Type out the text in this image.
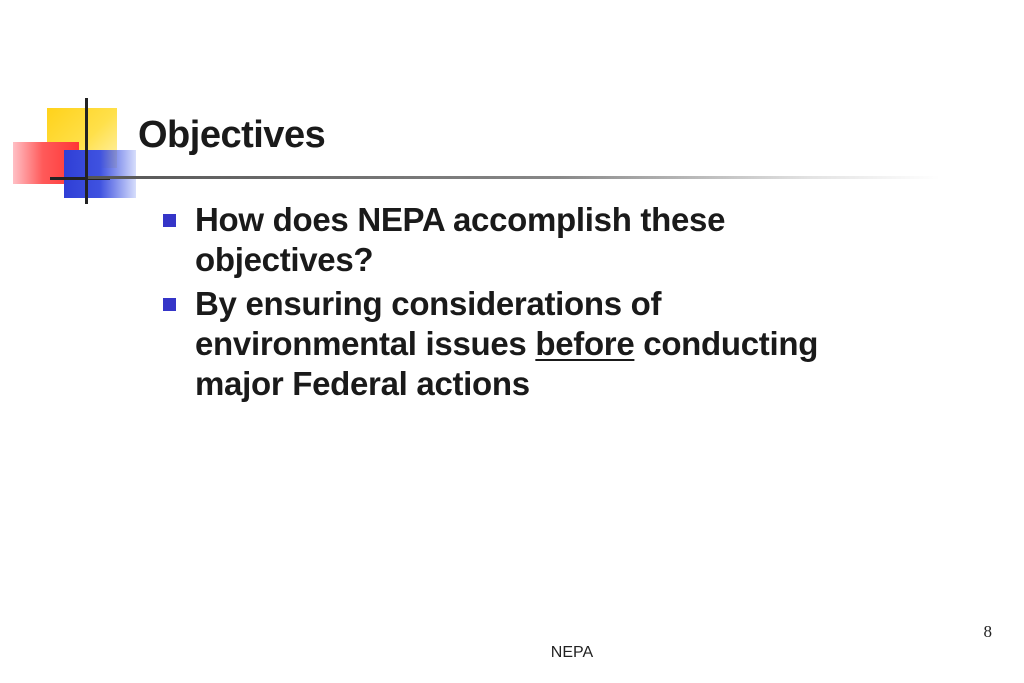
Objectives
How does NEPA accomplish these objectives?
By ensuring considerations of environmental issues before conducting major Federal actions
8
NEPA
